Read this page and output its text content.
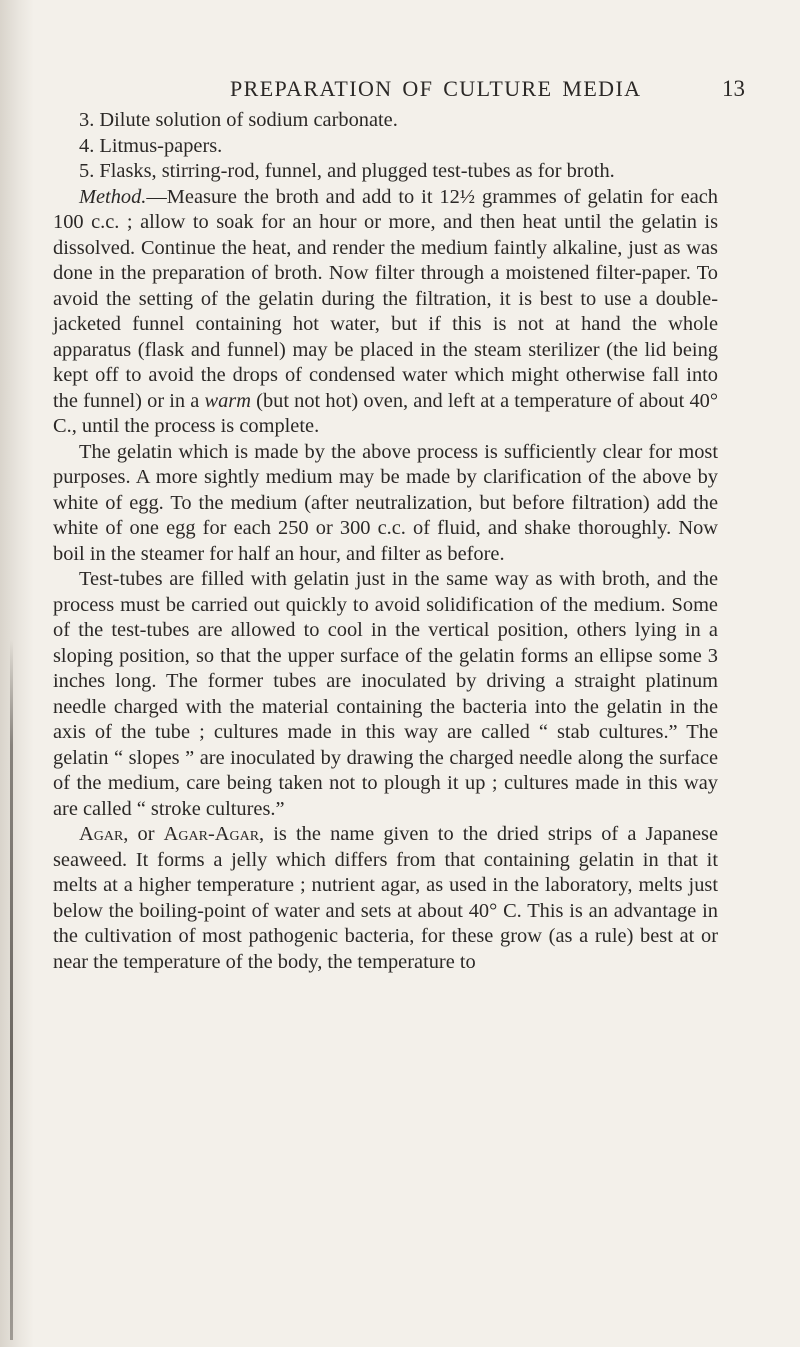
PREPARATION OF CULTURE MEDIA	13

3. Dilute solution of sodium carbonate.

4. Litmus-papers.

5. Flasks, stirring-rod, funnel, and plugged test-tubes as for broth.

Method.—Measure the broth and add to it 12½ grammes of gelatin for each 100 c.c. ; allow to soak for an hour or more, and then heat until the gelatin is dissolved. Continue the heat, and render the medium faintly alkaline, just as was done in the preparation of broth. Now filter through a moistened filter-paper. To avoid the setting of the gelatin during the filtration, it is best to use a double-jacketed funnel containing hot water, but if this is not at hand the whole apparatus (flask and funnel) may be placed in the steam sterilizer (the lid being kept off to avoid the drops of condensed water which might otherwise fall into the funnel) or in a warm (but not hot) oven, and left at a temperature of about 40° C., until the process is complete.

The gelatin which is made by the above process is sufficiently clear for most purposes. A more sightly medium may be made by clarification of the above by white of egg. To the medium (after neutralization, but before filtration) add the white of one egg for each 250 or 300 c.c. of fluid, and shake thoroughly. Now boil in the steamer for half an hour, and filter as before.

Test-tubes are filled with gelatin just in the same way as with broth, and the process must be carried out quickly to avoid solidification of the medium. Some of the test-tubes are allowed to cool in the vertical position, others lying in a sloping position, so that the upper surface of the gelatin forms an ellipse some 3 inches long. The former tubes are inoculated by driving a straight platinum needle charged with the material containing the bacteria into the gelatin in the axis of the tube ; cultures made in this way are called “ stab cultures.” The gelatin “ slopes ” are inoculated by drawing the charged needle along the surface of the medium, care being taken not to plough it up ; cultures made in this way are called “ stroke cultures.”

Agar, or Agar-Agar, is the name given to the dried strips of a Japanese seaweed. It forms a jelly which differs from that containing gelatin in that it melts at a higher temperature ; nutrient agar, as used in the laboratory, melts just below the boiling-point of water and sets at about 40° C. This is an advantage in the cultivation of most pathogenic bacteria, for these grow (as a rule) best at or near the temperature of the body, the temperature to
